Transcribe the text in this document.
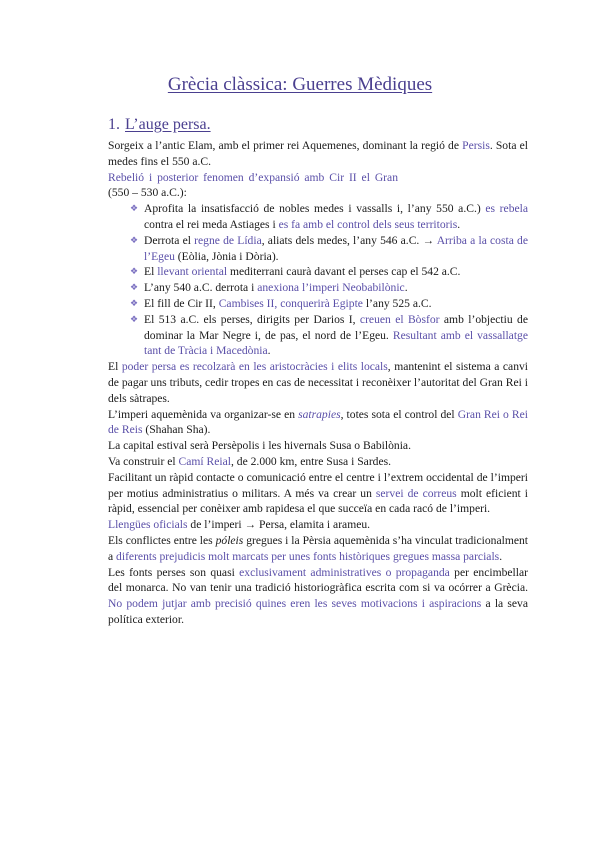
Grècia clàssica: Guerres Mèdiques
1. L’auge persa.

Sorgeix a l’antic Elam, amb el primer rei Aquemenes, dominant la regió de Persis. Sota el medes fins el 550 a.C.

Rebelió i posterior fenomen d’expansió amb Cir II el Gran (550 – 530 a.C.):

❖ Aprofita la insatisfacció de nobles medes i vassalls i, l’any 550 a.C.) es rebela contra el rei meda Astiages i es fa amb el control dels seus territoris.
❖ Derrota el regne de Lídia, aliats dels medes, l’any 546 a.C. → Arriba a la costa de l’Egeu (Eòlia, Jònia i Dòria).
❖ El llevant oriental mediterrani caurà davant el perses cap el 542 a.C.
❖ L’any 540 a.C. derrota i anexiona l’imperi Neobabilònic.
❖ El fill de Cir II, Cambises II, conquerirà Egipte l’any 525 a.C.
❖ El 513 a.C. els perses, dirigits per Darios I, creuen el Bòsfor amb l’objectiu de dominar la Mar Negre i, de pas, el nord de l’Egeu. Resultant amb el vassallatge tant de Tràcia i Macedònia.

El poder persa es recolzarà en les aristocràcies i elits locals, mantenint el sistema a canvi de pagar uns tributs, cedir tropes en cas de necessitat i reconèixer l’autoritat del Gran Rei i dels sàtrapes.

L’imperi aquemènida va organizar-se en satrapies, totes sota el control del Gran Rei o Rei de Reis (Shahan Sha).

La capital estival serà Persèpolis i les hivernals Susa o Babilònia.

Va construir el Camí Reial, de 2.000 km, entre Susa i Sardes.

Facilitant un ràpid contacte o comunicació entre el centre i l’extrem occidental de l’imperi per motius administratius o militars. A més va crear un servei de correus molt eficient i ràpid, essencial per conèixer amb rapidesa el que succeïa en cada racó de l’imperi.

Llengües oficials de l’imperi → Persa, elamita i arameu.

Els conflictes entre les póleis gregues i la Pèrsia aquemènida s’ha vinculat tradicionalment a diferents prejudicis molt marcats per unes fonts històriques gregues massa parcials.

Les fonts perses son quasi exclusivament administratives o propaganda per encimbellar del monarca. No van tenir una tradició historiogràfica escrita com si va ocórrer a Grècia. No podem jutjar amb precisió quines eren les seves motivacions i aspiracions a la seva política exterior.
